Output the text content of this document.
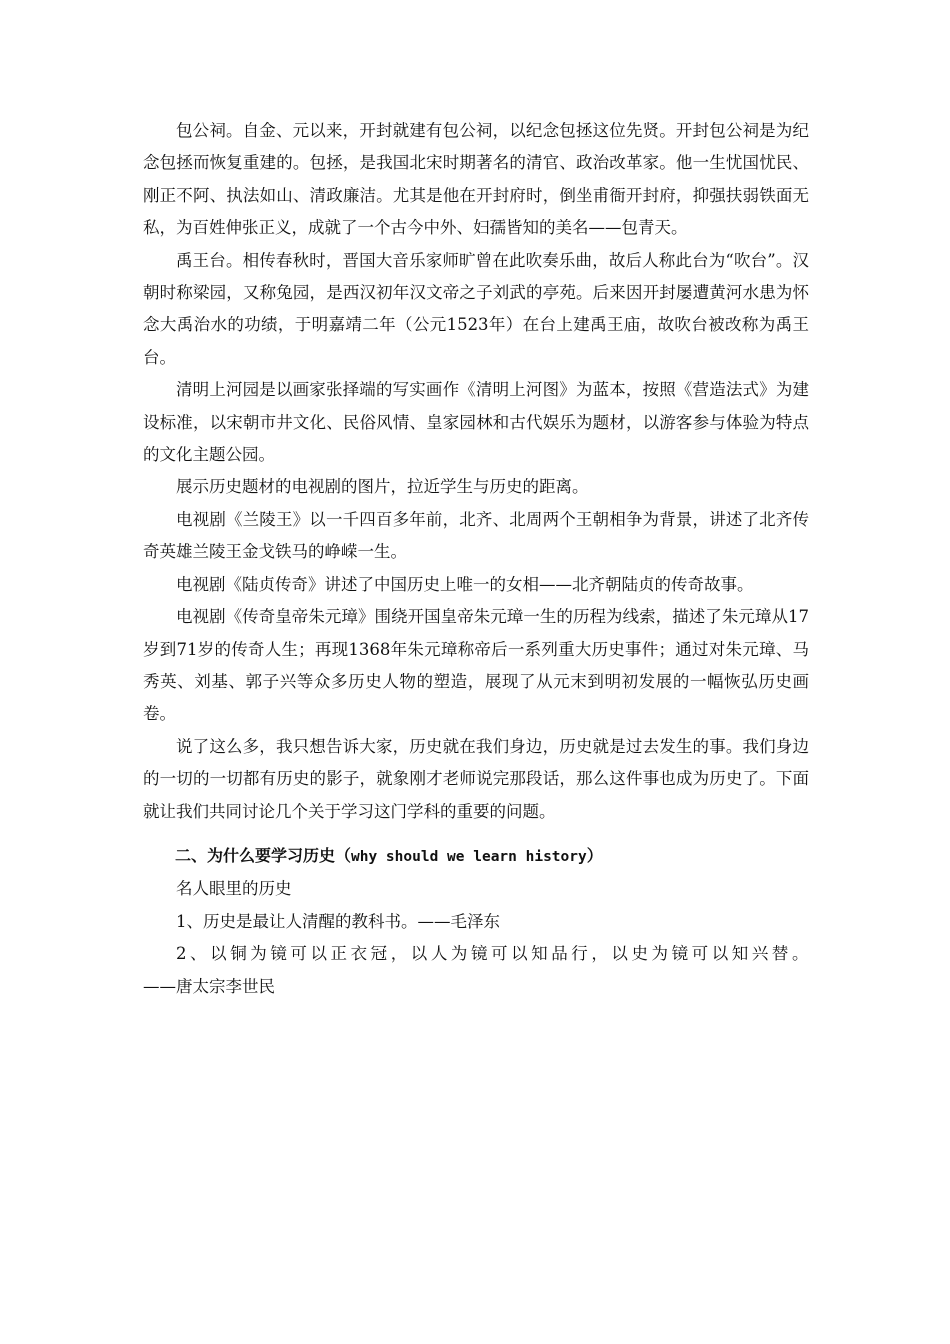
包公祠。自金、元以来，开封就建有包公祠，以纪念包拯这位先贤。开封包公祠是为纪念包拯而恢复重建的。包拯，是我国北宋时期著名的清官、政治改革家。他一生忧国忧民、刚正不阿、执法如山、清政廉洁。尤其是他在开封府时，倒坐甫衙开封府，抑强扶弱铁面无私，为百姓伸张正义，成就了一个古今中外、妇孺皆知的美名——包青天。

禹王台。相传春秋时，晋国大音乐家师旷曾在此吹奏乐曲，故后人称此台为“吹台”。汉朝时称梁园，又称兔园，是西汉初年汉文帝之子刘武的亭苑。后来因开封屡遭黄河水患为怀念大禹治水的功绩，于明嘉靖二年（公元1523年）在台上建禹王庙，故吹台被改称为禹王台。

清明上河园是以画家张择端的写实画作《清明上河图》为蓝本，按照《营造法式》为建设标准，以宋朝市井文化、民俗风情、皇家园林和古代娱乐为题材，以游客参与体验为特点的文化主题公园。

展示历史题材的电视剧的图片，拉近学生与历史的距离。

电视剧《兰陵王》以一千四百多年前，北齐、北周两个王朝相争为背景，讲述了北齐传奇英雄兰陵王金戈铁马的峥嵘一生。

电视剧《陆贞传奇》讲述了中国历史上唯一的女相——北齐朝陆贞的传奇故事。

电视剧《传奇皇帝朱元璋》围绕开国皇帝朱元璋一生的历程为线索，描述了朱元璋从17岁到71岁的传奇人生；再现1368年朱元璋称帝后一系列重大历史事件；通过对朱元璋、马秀英、刘基、郭子兴等众多历史人物的塑造，展现了从元末到明初发展的一幅恢弘历史画卷。

说了这么多，我只想告诉大家，历史就在我们身边，历史就是过去发生的事。我们身边的一切的一切都有历史的影子，就象刚才老师说完那段话，那么这件事也成为历史了。下面就让我们共同讨论几个关于学习这门学科的重要的问题。

二、为什么要学习历史（why should we learn history）

名人眼里的历史

1、历史是最让人清醒的教科书。——毛泽东

2、以铜为镜可以正衣冠，以人为镜可以知品行，以史为镜可以知兴替。

——唐太宗李世民
